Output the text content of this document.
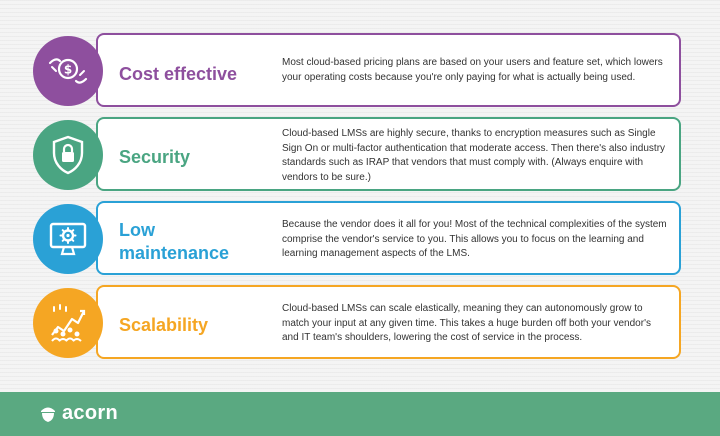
$	Cost effective
Most cloud-based pricing plans are based on your users and feature set, which lowers your operating costs because you're only paying for what is actually being used.
Security
Cloud-based LMSs are highly secure, thanks to encryption measures such as Single Sign On or multi-factor authentication that moderate access. Then there's also industry standards such as IRAP that vendors that must comply with. (Always enquire with vendors to be sure.)
Low
maintenance
Because the vendor does it all for you! Most of the technical complexities of the system comprise the vendor's service to you. This allows you to focus on the learning and learning management aspects of the LMS.
Scalability
Cloud-based LMSs can scale elastically, meaning they can autonomously grow to match your input at any given time. This takes a huge burden off both your vendor's and IT team's shoulders, lowering the cost of service in the process.
acorn
